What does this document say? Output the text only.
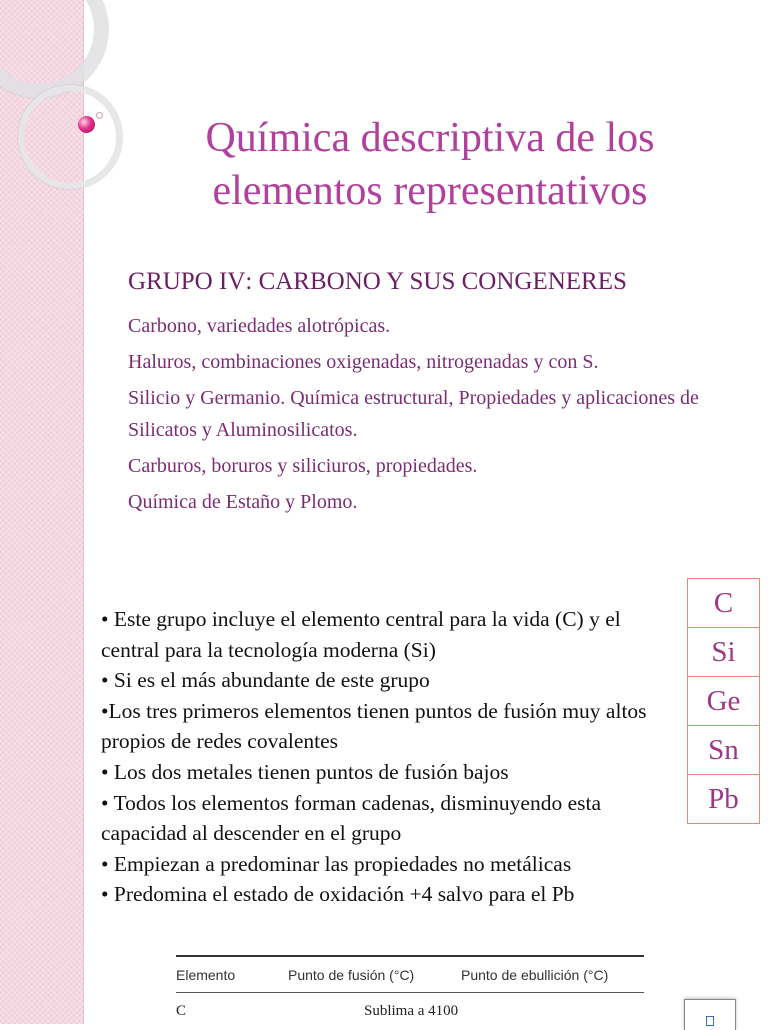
Química descriptiva de los
elementos representativos
GRUPO IV: CARBONO Y SUS CONGENERES
Carbono, variedades alotrópicas.
Haluros, combinaciones oxigenadas, nitrogenadas y con S.
Silicio y Germanio. Química estructural, Propiedades y aplicaciones de Silicatos y Aluminosilicatos.
Carburos, boruros y siliciuros, propiedades.
Química de Estaño y Plomo.
• Este grupo incluye el elemento central para la vida (C) y el central para la tecnología moderna (Si)
• Si es el más abundante de este grupo
•Los tres primeros elementos tienen puntos de fusión muy altos propios de redes covalentes
• Los dos metales tienen puntos de fusión bajos
• Todos los elementos forman cadenas, disminuyendo esta capacidad al descender en el grupo
• Empiezan a predominar las propiedades no metálicas
• Predomina el estado de oxidación +4 salvo para el Pb
C
Si
Ge
Sn
Pb
Elemento	Punto de fusión (°C)	Punto de ebullición (°C)
C	Sublima a 4100
